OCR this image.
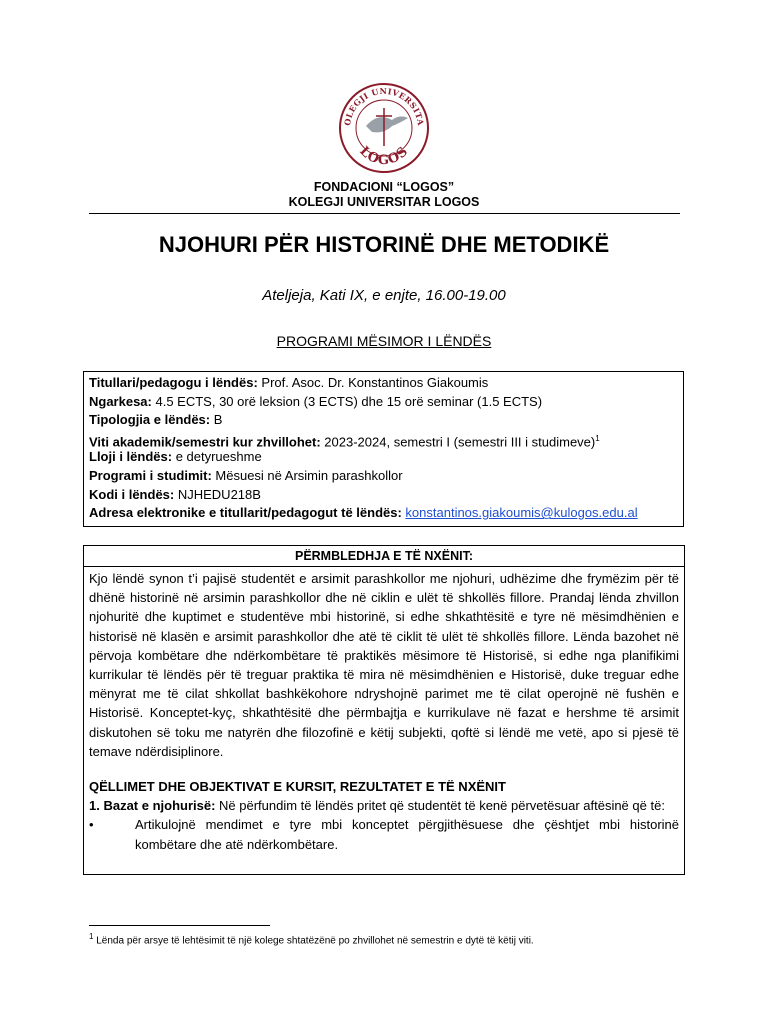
OLEGJI UNIVERSITA
LOGOS
FONDACIONI “LOGOS”
KOLEGJI UNIVERSITAR LOGOS
NJOHURI PËR HISTORINË DHE METODIKË
Ateljeja, Kati IX, e enjte, 16.00-19.00
PROGRAMI MËSIMOR I LËNDËS
Titullari/pedagogu i lëndës: Prof. Asoc. Dr. Konstantinos Giakoumis
Ngarkesa: 4.5 ECTS, 30 orë leksion (3 ECTS) dhe 15 orë seminar (1.5 ECTS)
Tipologjia e lëndës: B
Viti akademik/semestri kur zhvillohet: 2023-2024, semestri I (semestri III i studimeve)$^1$
Lloji i lëndës: e detyrueshme
Programi i studimit: Mësuesi në Arsimin parashkollor
Kodi i lëndës: NJHEDU218B
Adresa elektronike e titullarit/pedagogut të lëndës: konstantinos.giakoumis@kulogos.edu.al
PËRMBLEDHJA E TË NXËNIT:
Kjo lëndë synon t’i pajisë studentët e arsimit parashkollor me njohuri, udhëzime dhe frymëzim për të dhënë historinë në arsimin parashkollor dhe në ciklin e ulët të shkollës fillore. Prandaj lënda zhvillon njohuritë dhe kuptimet e studentëve mbi historinë, si edhe shkathtësitë e tyre në mësimdhënien e historisë në klasën e arsimit parashkollor dhe atë të ciklit të ulët të shkollës fillore. Lënda bazohet në përvoja kombëtare dhe ndërkombëtare të praktikës mësimore të Historisë, si edhe nga planifikimi kurrikular të lëndës për të treguar praktika të mira në mësimdhënien e Historisë, duke treguar edhe mënyrat me të cilat shkollat bashkëkohore ndryshojnë parimet me të cilat operojnë në fushën e Historisë. Konceptet-kyç, shkathtësitë dhe përmbajtja e kurrikulave në fazat e hershme të arsimit diskutohen së toku me natyrën dhe filozofinë e këtij subjekti, qoftë si lëndë me vetë, apo si pjesë të temave ndërdisiplinore.
QËLLIMET DHE OBJEKTIVAT E KURSIT, REZULTATET E TË NXËNIT
1. Bazat e njohurisë: Në përfundim të lëndës pritet që studentët të kenë përvetësuar aftësinë që të:
•	Artikulojnë mendimet e tyre mbi konceptet përgjithësuese dhe çështjet mbi historinë kombëtare dhe atë ndërkombëtare.
$^1$ Lënda për arsye të lehtësimit të një kolege shtatëzënë po zhvillohet në semestrin e dytë të këtij viti.
